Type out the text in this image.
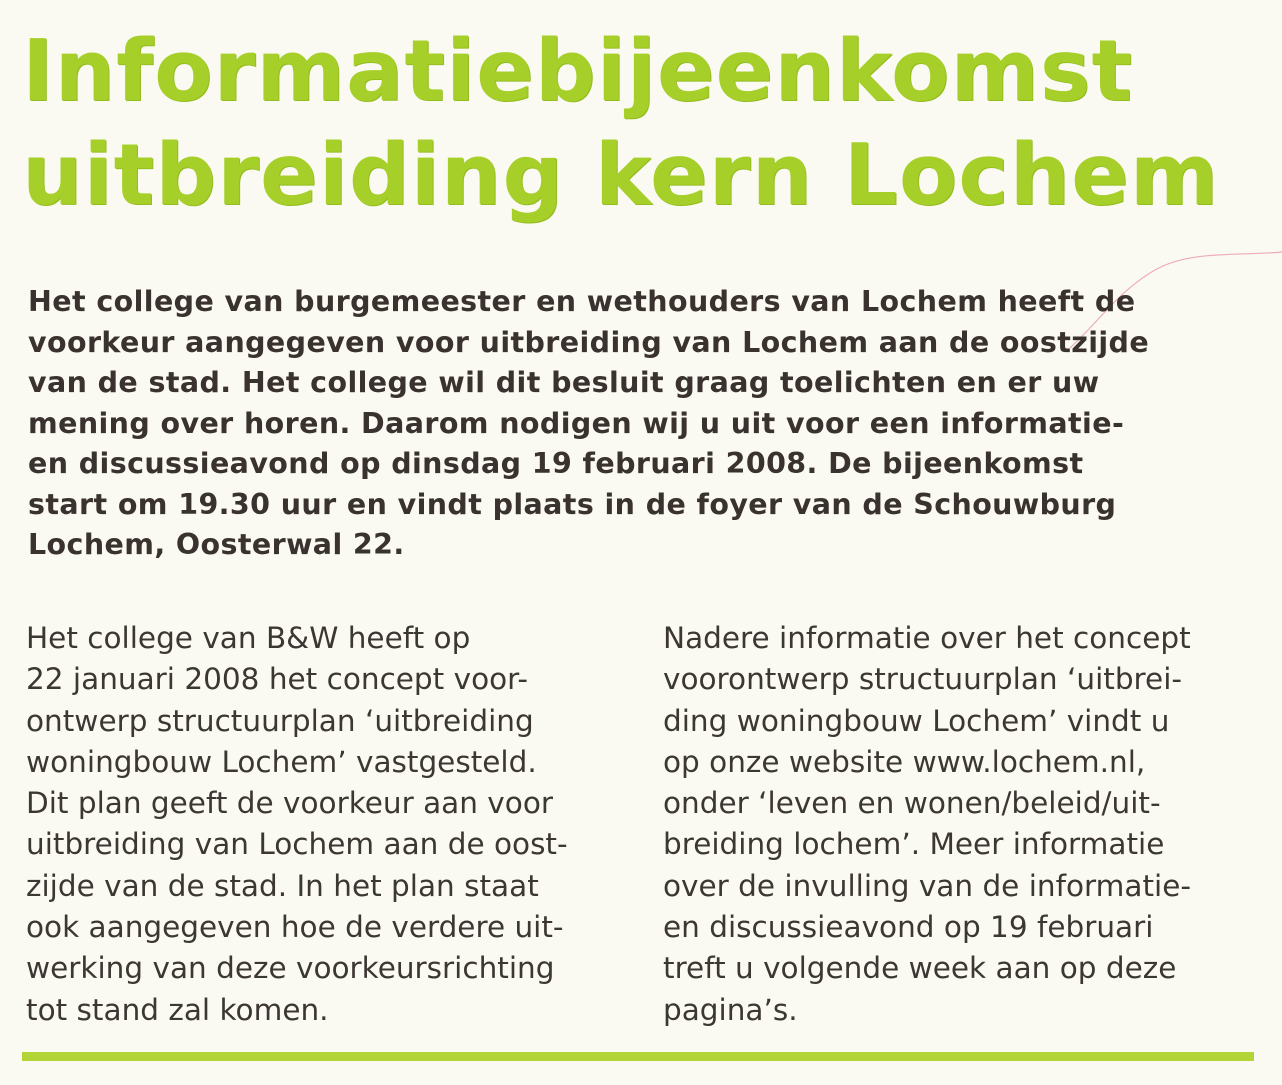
Informatiebijeenkomst
uitbreiding kern Lochem

Het college van burgemeester en wethouders van Lochem heeft de
voorkeur aangegeven voor uitbreiding van Lochem aan de oostzijde
van de stad. Het college wil dit besluit graag toelichten en er uw
mening over horen. Daarom nodigen wij u uit voor een informatie-
en discussieavond op dinsdag 19 februari 2008. De bijeenkomst
start om 19.30 uur en vindt plaats in de foyer van de Schouwburg
Lochem, Oosterwal 22.

Het college van B&W heeft op
22 januari 2008 het concept voor-
ontwerp structuurplan ‘uitbreiding
woningbouw Lochem’ vastgesteld.
Dit plan geeft de voorkeur aan voor
uitbreiding van Lochem aan de oost-
zijde van de stad. In het plan staat
ook aangegeven hoe de verdere uit-
werking van deze voorkeursrichting
tot stand zal komen.

Nadere informatie over het concept
voorontwerp structuurplan ‘uitbrei-
ding woningbouw Lochem’ vindt u
op onze website www.lochem.nl,
onder ‘leven en wonen/beleid/uit-
breiding lochem’. Meer informatie
over de invulling van de informatie-
en discussieavond op 19 februari
treft u volgende week aan op deze
pagina’s.
